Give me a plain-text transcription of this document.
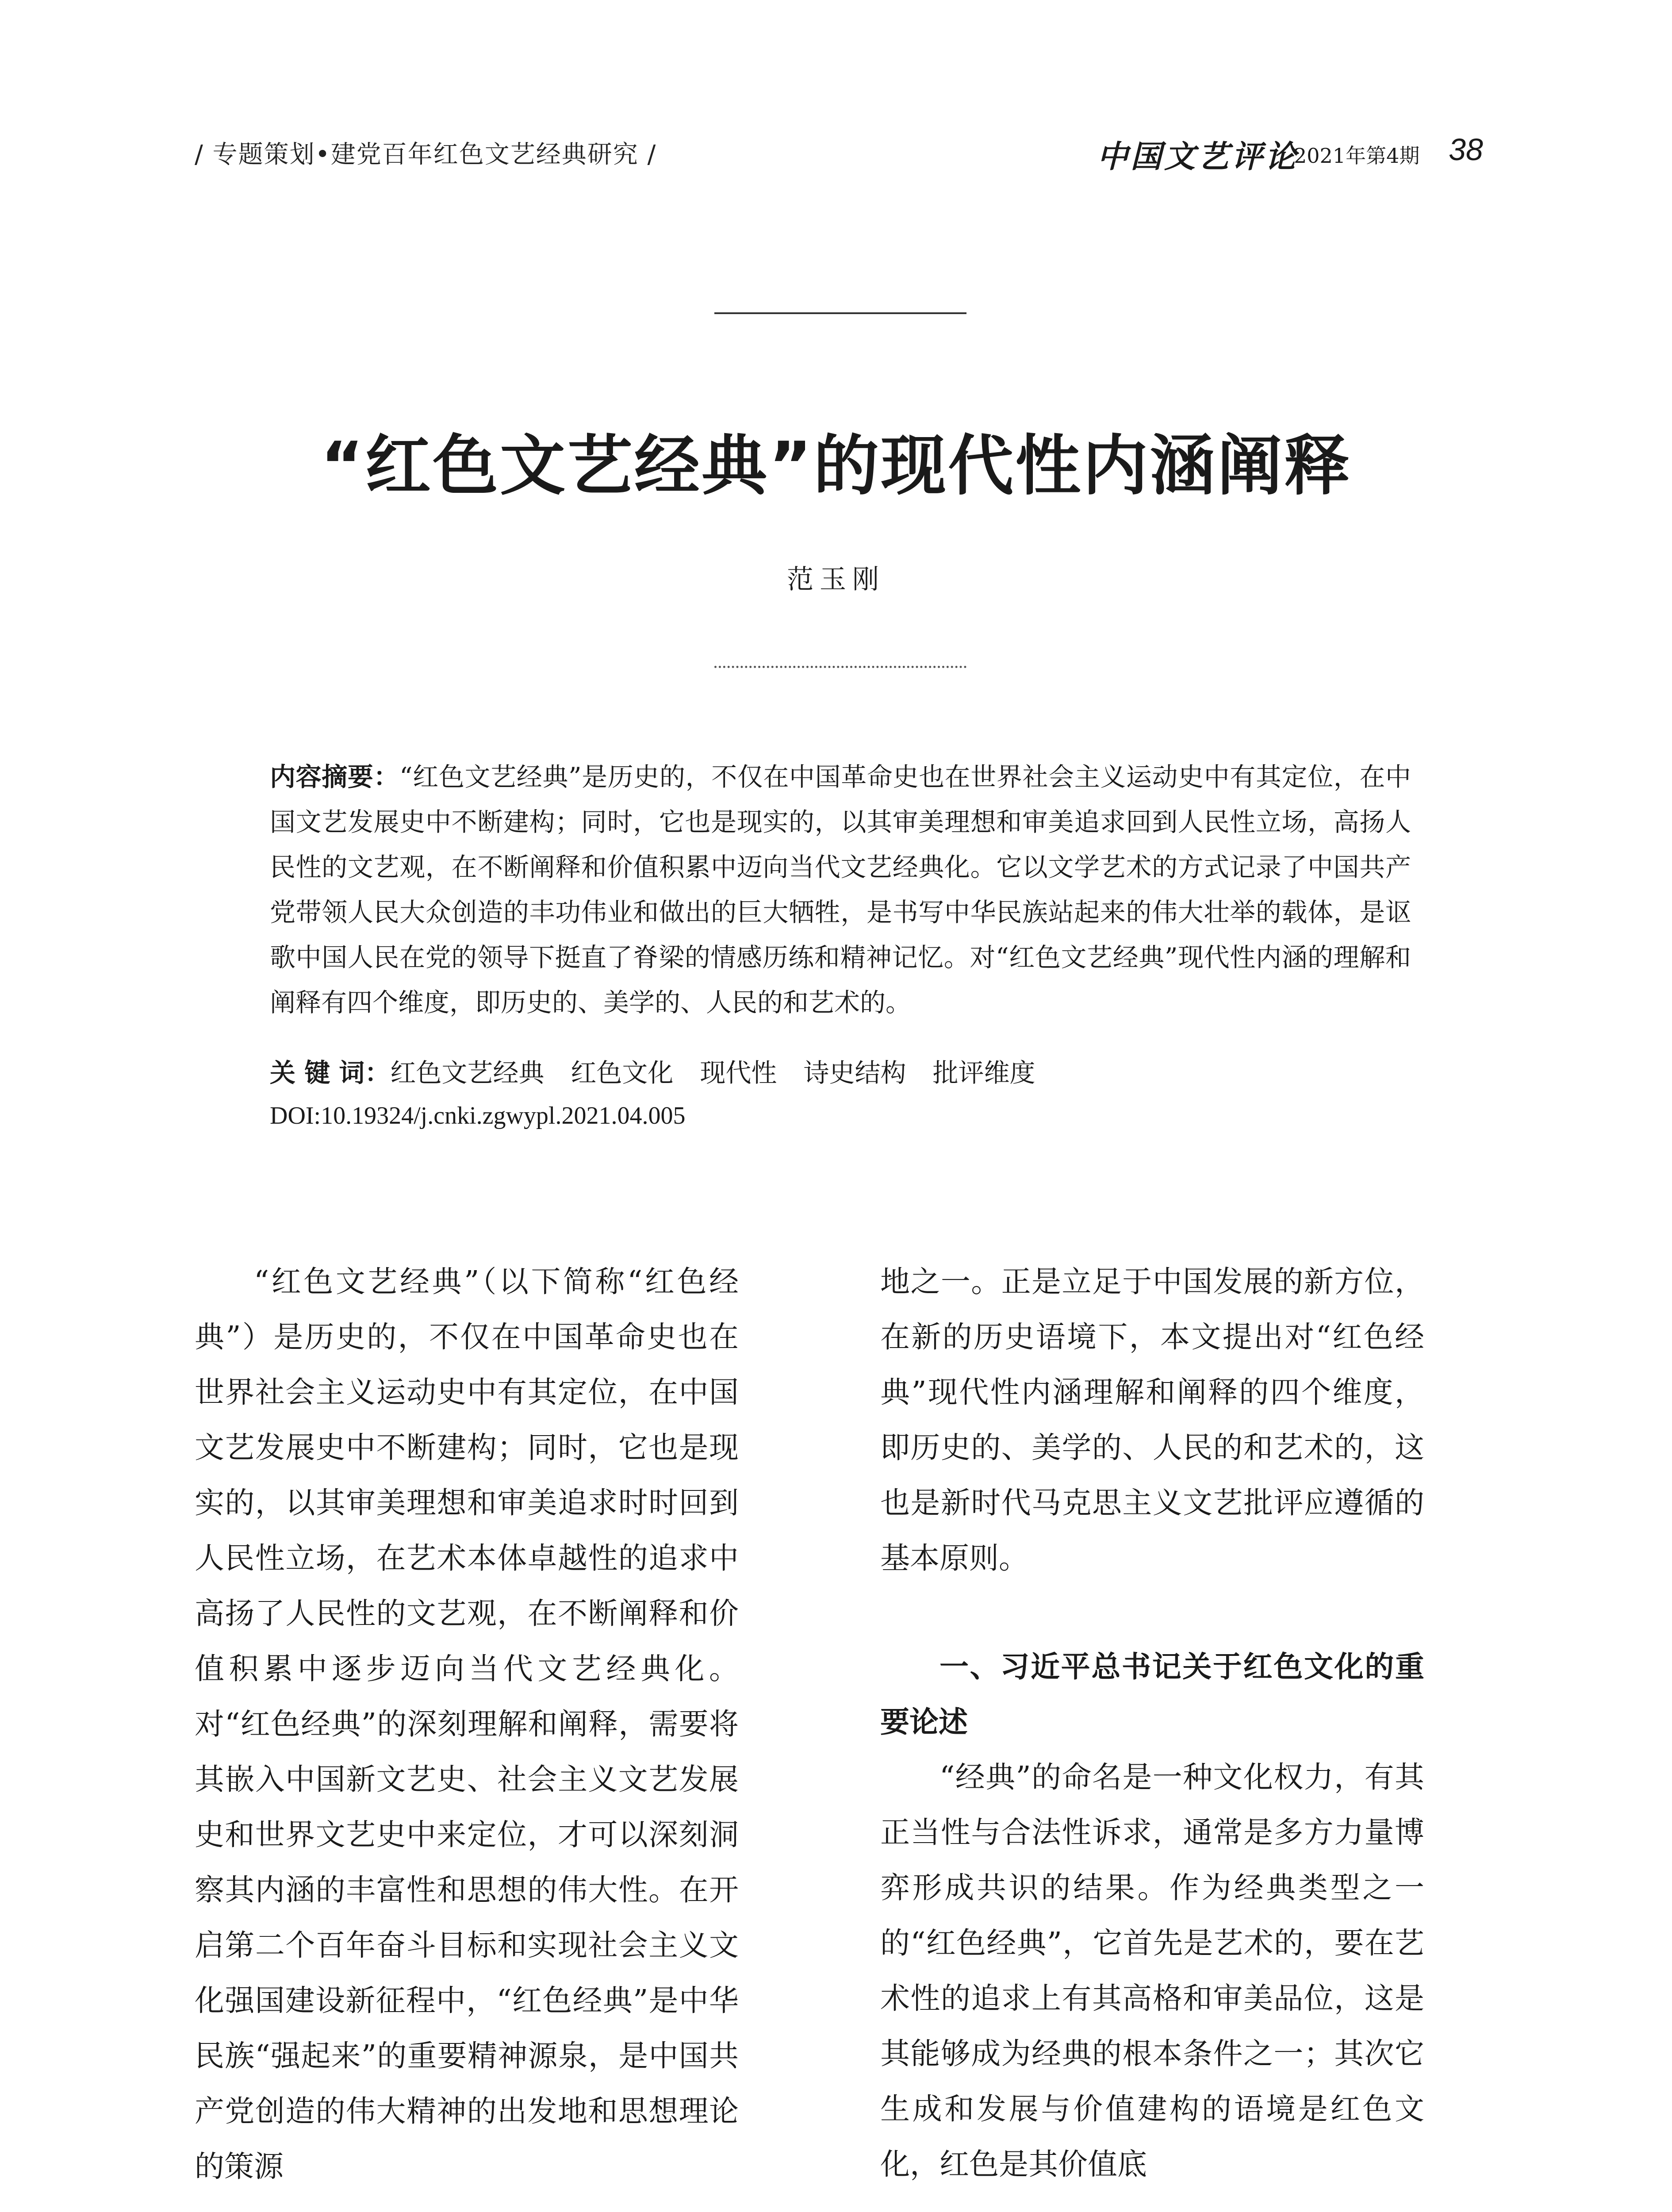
/ 专题策划•建党百年红色文艺经典研究 /	中国文艺评论
2021年第4期 38
“红色文艺经典”的现代性内涵阐释
范玉刚
内容摘要：“红色文艺经典”是历史的，不仅在中国革命史也在世界社会主义运动史中有其定位，在中国文艺发展史中不断建构；同时，它也是现实的，以其审美理想和审美追求回到人民性立场，高扬人民性的文艺观，在不断阐释和价值积累中迈向当代文艺经典化。它以文学艺术的方式记录了中国共产党带领人民大众创造的丰功伟业和做出的巨大牺牲，是书写中华民族站起来的伟大壮举的载体，是讴歌中国人民在党的领导下挺直了脊梁的情感历练和精神记忆。对“红色文艺经典”现代性内涵的理解和阐释有四个维度，即历史的、美学的、人民的和艺术的。
关 键 词：红色文艺经典 红色文化 现代性 诗史结构 批评维度
DOI:10.19324/j.cnki.zgwypl.2021.04.005

“红色文艺经典”（以下简称“红色经典”）是历史的，不仅在中国革命史也在世界社会主义运动史中有其定位，在中国文艺发展史中不断建构；同时，它也是现实的，以其审美理想和审美追求时时回到人民性立场，在艺术本体卓越性的追求中高扬了人民性的文艺观，在不断阐释和价值积累中逐步迈向当代文艺经典化。对“红色经典”的深刻理解和阐释，需要将其嵌入中国新文艺史、社会主义文艺发展史和世界文艺史中来定位，才可以深刻洞察其内涵的丰富性和思想的伟大性。在开启第二个百年奋斗目标和实现社会主义文化强国建设新征程中，“红色经典”是中华民族“强起来”的重要精神源泉，是中国共产党创造的伟大精神的出发地和思想理论的策源

地之一。正是立足于中国发展的新方位，在新的历史语境下，本文提出对“红色经典”现代性内涵理解和阐释的四个维度，即历史的、美学的、人民的和艺术的，这也是新时代马克思主义文艺批评应遵循的基本原则。

一、习近平总书记关于红色文化的重要论述

“经典”的命名是一种文化权力，有其正当性与合法性诉求，通常是多方力量博弈形成共识的结果。作为经典类型之一的“红色经典”，它首先是艺术的，要在艺术性的追求上有其高格和审美品位，这是其能够成为经典的根本条件之一；其次它生成和发展与价值建构的语境是红色文化，红色是其价值底
